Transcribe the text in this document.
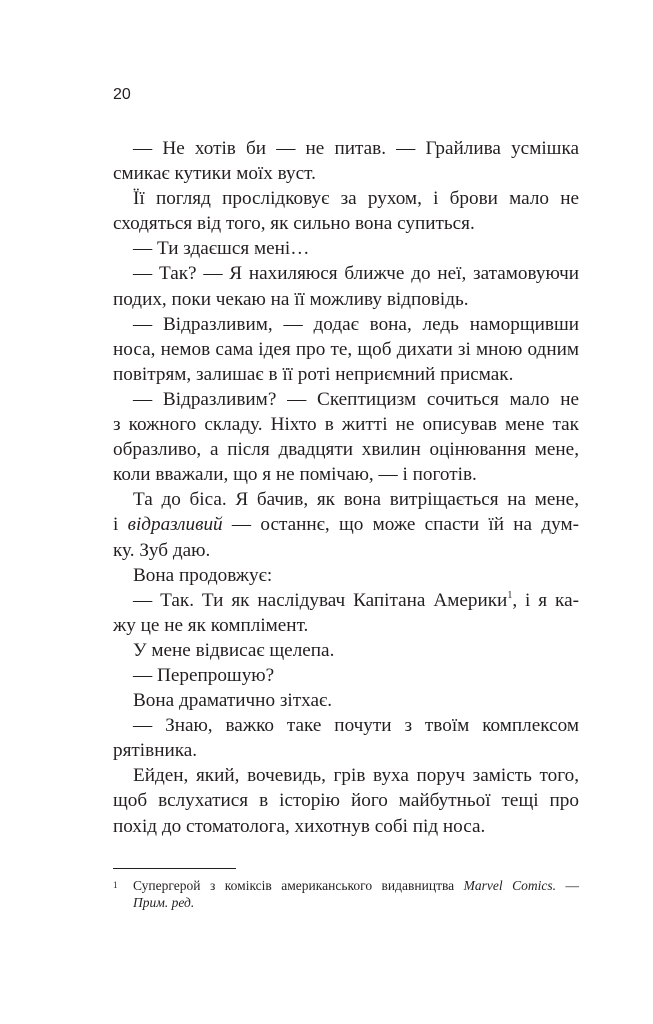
20
— Не хотів би — не питав. — Грайлива усмішка
смикає кутики моїх вуст.
Її погляд прослідковує за рухом, і брови мало не
сходяться від того, як сильно вона супиться.
— Ти здаєшся мені…
— Так? — Я нахиляюся ближче до неї, затамовуючи
подих, поки чекаю на її можливу відповідь.
— Відразливим, — додає вона, ледь наморщивши
носа, немов сама ідея про те, щоб дихати зі мною одним
повітрям, залишає в її роті неприємний присмак.
— Відразливим? — Скептицизм сочиться мало не
з кожного складу. Ніхто в житті не описував мене так
образливо, а після двадцяти хвилин оцінювання мене,
коли вважали, що я не помічаю, — і поготів.
Та до біса. Я бачив, як вона витріщається на мене,
і відразливий — останнє, що може спасти їй на дум-
ку. Зуб даю.
Вона продовжує:
— Так. Ти як наслідувач Капітана Америки$^1$, і я ка-
жу це не як комплімент.
У мене відвисає щелепа.
— Перепрошую?
Вона драматично зітхає.
— Знаю, важко таке почути з твоїм комплексом
рятівника.
Ейден, який, вочевидь, грів вуха поруч замість того,
щоб вслухатися в історію його майбутньої тещі про
похід до стоматолога, хихотнув собі під носа.
1 Супергерой з коміксів американського видавництва Marvel Comics. —
Прим. ред.
